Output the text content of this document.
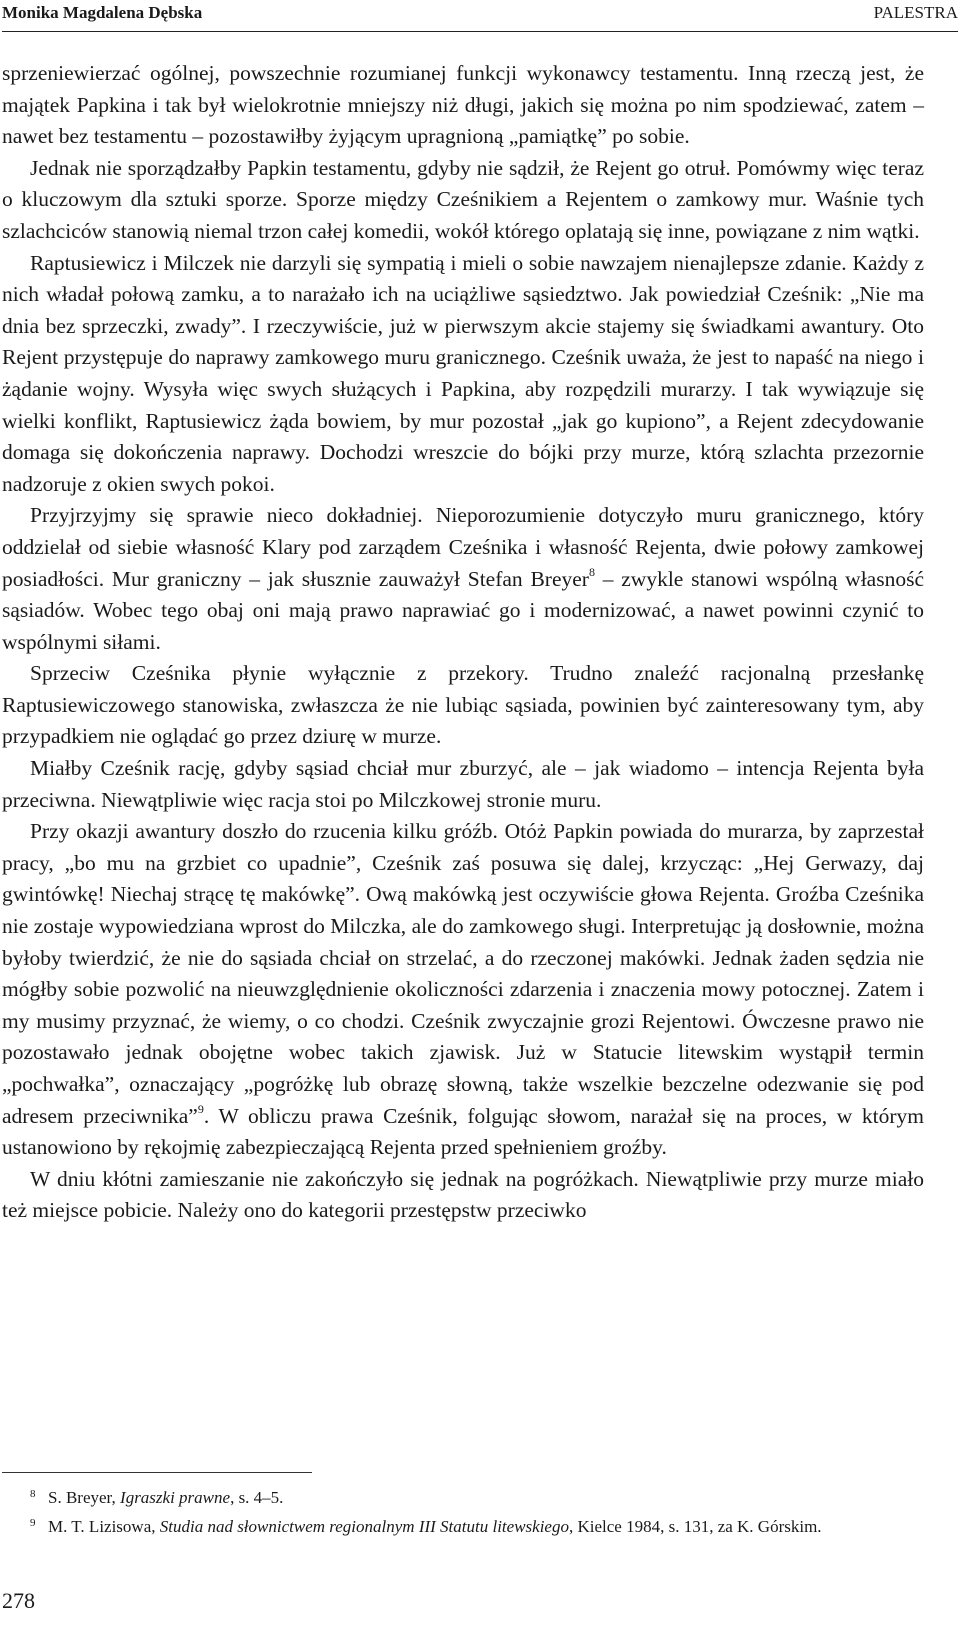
Monika Magdalena Dębska	PALESTRA

sprzeniewierzać ogólnej, powszechnie rozumianej funkcji wykonawcy testamentu. Inną rzeczą jest, że majątek Papkina i tak był wielokrotnie mniejszy niż długi, jakich się można po nim spodziewać, zatem – nawet bez testamentu – pozostawiłby żyjącym upragnioną „pamiątkę” po sobie.

Jednak nie sporządzałby Papkin testamentu, gdyby nie sądził, że Rejent go otruł. Pomówmy więc teraz o kluczowym dla sztuki sporze. Sporze między Cześnikiem a Rejentem o zamkowy mur. Waśnie tych szlachciców stanowią niemal trzon całej komedii, wokół którego oplatają się inne, powiązane z nim wątki.

Raptusiewicz i Milczek nie darzyli się sympatią i mieli o sobie nawzajem nienajlepsze zdanie. Każdy z nich władał połową zamku, a to narażało ich na uciążliwe sąsiedztwo. Jak powiedział Cześnik: „Nie ma dnia bez sprzeczki, zwady”. I rzeczywiście, już w pierwszym akcie stajemy się świadkami awantury. Oto Rejent przystępuje do naprawy zamkowego muru granicznego. Cześnik uważa, że jest to napaść na niego i żądanie wojny. Wysyła więc swych służących i Papkina, aby rozpędzili murarzy. I tak wywiązuje się wielki konflikt, Raptusiewicz żąda bowiem, by mur pozostał „jak go kupiono”, a Rejent zdecydowanie domaga się dokończenia naprawy. Dochodzi wreszcie do bójki przy murze, którą szlachta przezornie nadzoruje z okien swych pokoi.

Przyjrzyjmy się sprawie nieco dokładniej. Nieporozumienie dotyczyło muru granicznego, który oddzielał od siebie własność Klary pod zarządem Cześnika i własność Rejenta, dwie połowy zamkowej posiadłości. Mur graniczny – jak słusznie zauważył Stefan Breyer$^8$ – zwykle stanowi wspólną własność sąsiadów. Wobec tego obaj oni mają prawo naprawiać go i modernizować, a nawet powinni czynić to wspólnymi siłami.

Sprzeciw Cześnika płynie wyłącznie z przekory. Trudno znaleźć racjonalną przesłankę Raptusiewiczowego stanowiska, zwłaszcza że nie lubiąc sąsiada, powinien być zainteresowany tym, aby przypadkiem nie oglądać go przez dziurę w murze.

Miałby Cześnik rację, gdyby sąsiad chciał mur zburzyć, ale – jak wiadomo – intencja Rejenta była przeciwna. Niewątpliwie więc racja stoi po Milczkowej stronie muru.

Przy okazji awantury doszło do rzucenia kilku gróźb. Otóż Papkin powiada do murarza, by zaprzestał pracy, „bo mu na grzbiet co upadnie”, Cześnik zaś posuwa się dalej, krzycząc: „Hej Gerwazy, daj gwintówkę! Niechaj strącę tę makówkę”. Ową makówką jest oczywiście głowa Rejenta. Groźba Cześnika nie zostaje wypowiedziana wprost do Milczka, ale do zamkowego sługi. Interpretując ją dosłownie, można byłoby twierdzić, że nie do sąsiada chciał on strzelać, a do rzeczonej makówki. Jednak żaden sędzia nie mógłby sobie pozwolić na nieuwzględnienie okoliczności zdarzenia i znaczenia mowy potocznej. Zatem i my musimy przyznać, że wiemy, o co chodzi. Cześnik zwyczajnie grozi Rejentowi. Ówczesne prawo nie pozostawało jednak obojętne wobec takich zjawisk. Już w Statucie litewskim wystąpił termin „pochwałka”, oznaczający „pogróżkę lub obrazę słowną, także wszelkie bezczelne odezwanie się pod adresem przeciwnika”$^9$. W obliczu prawa Cześnik, folgując słowom, narażał się na proces, w którym ustanowiono by rękojmię zabezpieczającą Rejenta przed spełnieniem groźby.

W dniu kłótni zamieszanie nie zakończyło się jednak na pogróżkach. Niewątpliwie przy murze miało też miejsce pobicie. Należy ono do kategorii przestępstw przeciwko

8 S. Breyer, Igraszki prawne, s. 4–5.
9 M. T. Lizisowa, Studia nad słownictwem regionalnym III Statutu litewskiego, Kielce 1984, s. 131, za K. Górskim.
278
